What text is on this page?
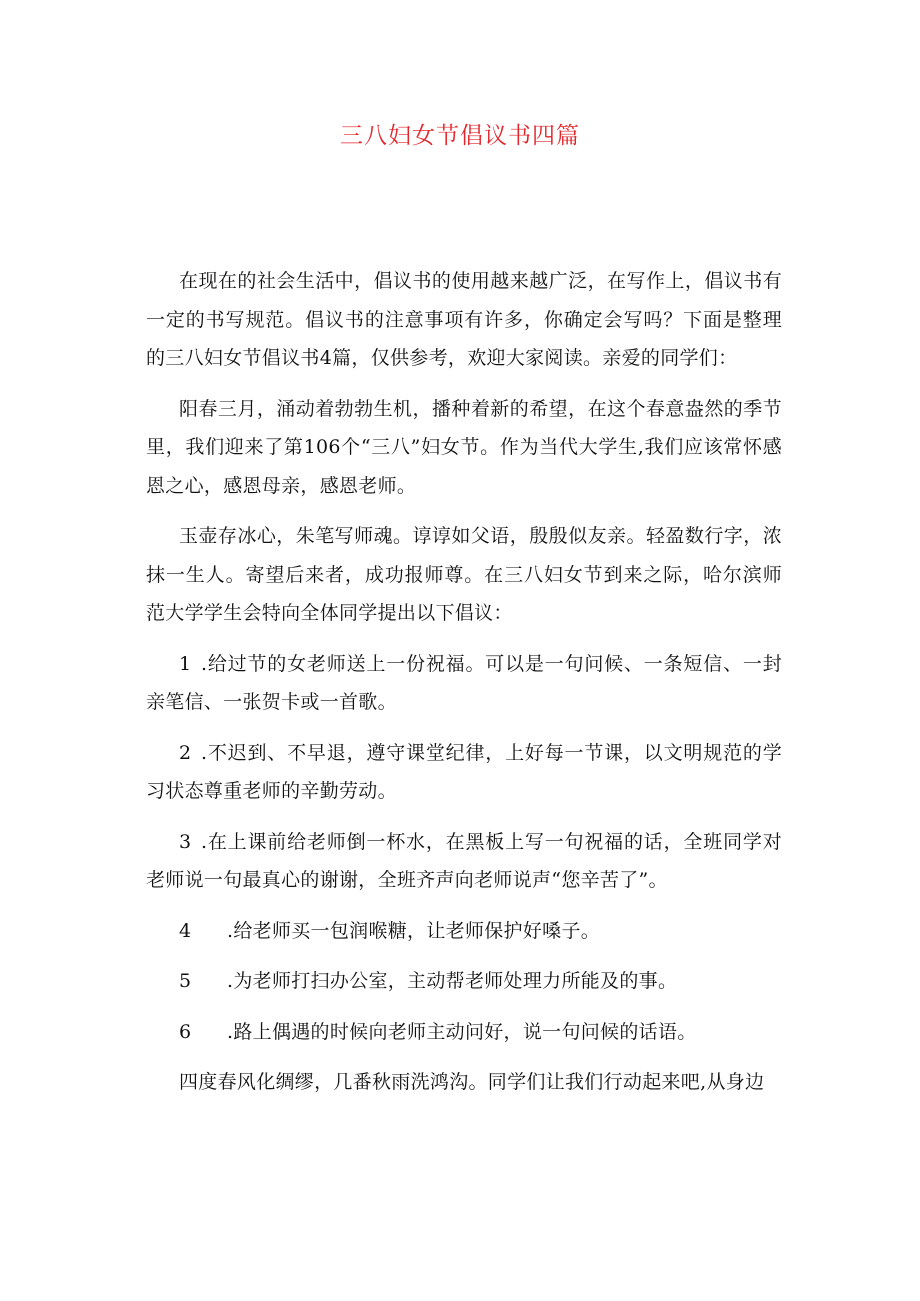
三八妇女节倡议书四篇

在现在的社会生活中，倡议书的使用越来越广泛，在写作上，倡议书有一定的书写规范。倡议书的注意事项有许多，你确定会写吗？下面是整理的三八妇女节倡议书4篇，仅供参考，欢迎大家阅读。亲爱的同学们：

阳春三月，涌动着勃勃生机，播种着新的希望，在这个春意盎然的季节里，我们迎来了第106个“三八”妇女节。作为当代大学生,我们应该常怀感恩之心，感恩母亲，感恩老师。

玉壶存冰心，朱笔写师魂。谆谆如父语，殷殷似友亲。轻盈数行字，浓抹一生人。寄望后来者，成功报师尊。在三八妇女节到来之际，哈尔滨师范大学学生会特向全体同学提出以下倡议：

1 .给过节的女老师送上一份祝福。可以是一句问候、一条短信、一封亲笔信、一张贺卡或一首歌。

2 .不迟到、不早退，遵守课堂纪律，上好每一节课，以文明规范的学习状态尊重老师的辛勤劳动。

3 .在上课前给老师倒一杯水，在黑板上写一句祝福的话，全班同学对老师说一句最真心的谢谢，全班齐声向老师说声“您辛苦了”。

4 .给老师买一包润喉糖，让老师保护好嗓子。

5 .为老师打扫办公室，主动帮老师处理力所能及的事。

6 .路上偶遇的时候向老师主动问好，说一句问候的话语。

四度春风化绸缪，几番秋雨洗鸿沟。同学们让我们行动起来吧,从身边
